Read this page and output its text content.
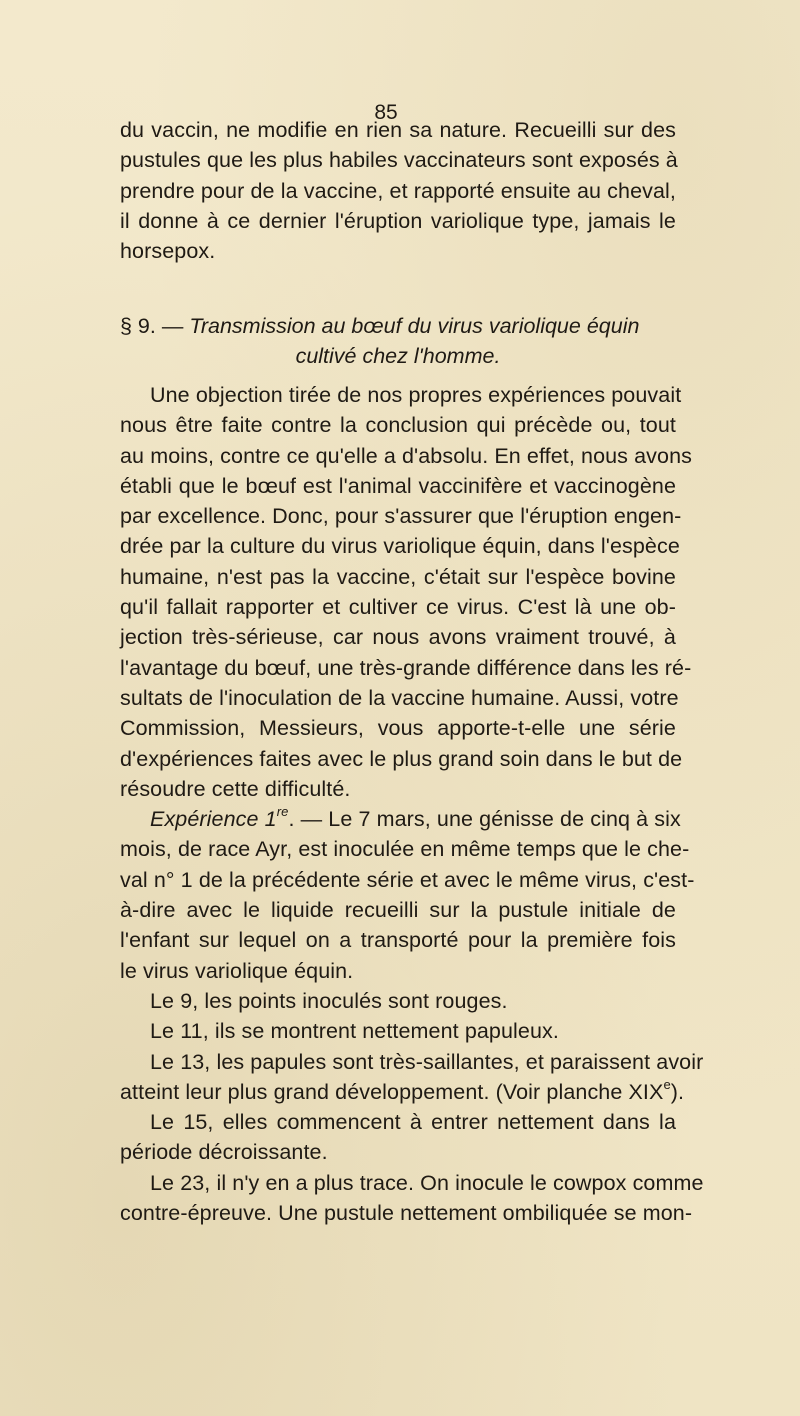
85
du vaccin, ne modifie en rien sa nature. Recueilli sur des
pustules que les plus habiles vaccinateurs sont exposés à
prendre pour de la vaccine, et rapporté ensuite au cheval,
il donne à ce dernier l'éruption variolique type, jamais le
horsepox.
§ 9. — Transmission au bœuf du virus variolique équin
cultivé chez l'homme.
Une objection tirée de nos propres expériences pouvait
nous être faite contre la conclusion qui précède ou, tout
au moins, contre ce qu'elle a d'absolu. En effet, nous avons
établi que le bœuf est l'animal vaccinifère et vaccinogène
par excellence. Donc, pour s'assurer que l'éruption engen-
drée par la culture du virus variolique équin, dans l'espèce
humaine, n'est pas la vaccine, c'était sur l'espèce bovine
qu'il fallait rapporter et cultiver ce virus. C'est là une ob-
jection très-sérieuse, car nous avons vraiment trouvé, à
l'avantage du bœuf, une très-grande différence dans les ré-
sultats de l'inoculation de la vaccine humaine. Aussi, votre
Commission, Messieurs, vous apporte-t-elle une série
d'expériences faites avec le plus grand soin dans le but de
résoudre cette difficulté.
Expérience 1re. — Le 7 mars, une génisse de cinq à six
mois, de race Ayr, est inoculée en même temps que le che-
val n° 1 de la précédente série et avec le même virus, c'est-
à-dire avec le liquide recueilli sur la pustule initiale de
l'enfant sur lequel on a transporté pour la première fois
le virus variolique équin.
Le 9, les points inoculés sont rouges.
Le 11, ils se montrent nettement papuleux.
Le 13, les papules sont très-saillantes, et paraissent avoir
atteint leur plus grand développement. (Voir planche XIXe).
Le 15, elles commencent à entrer nettement dans la
période décroissante.
Le 23, il n'y en a plus trace. On inocule le cowpox comme
contre-épreuve. Une pustule nettement ombiliquée se mon-
